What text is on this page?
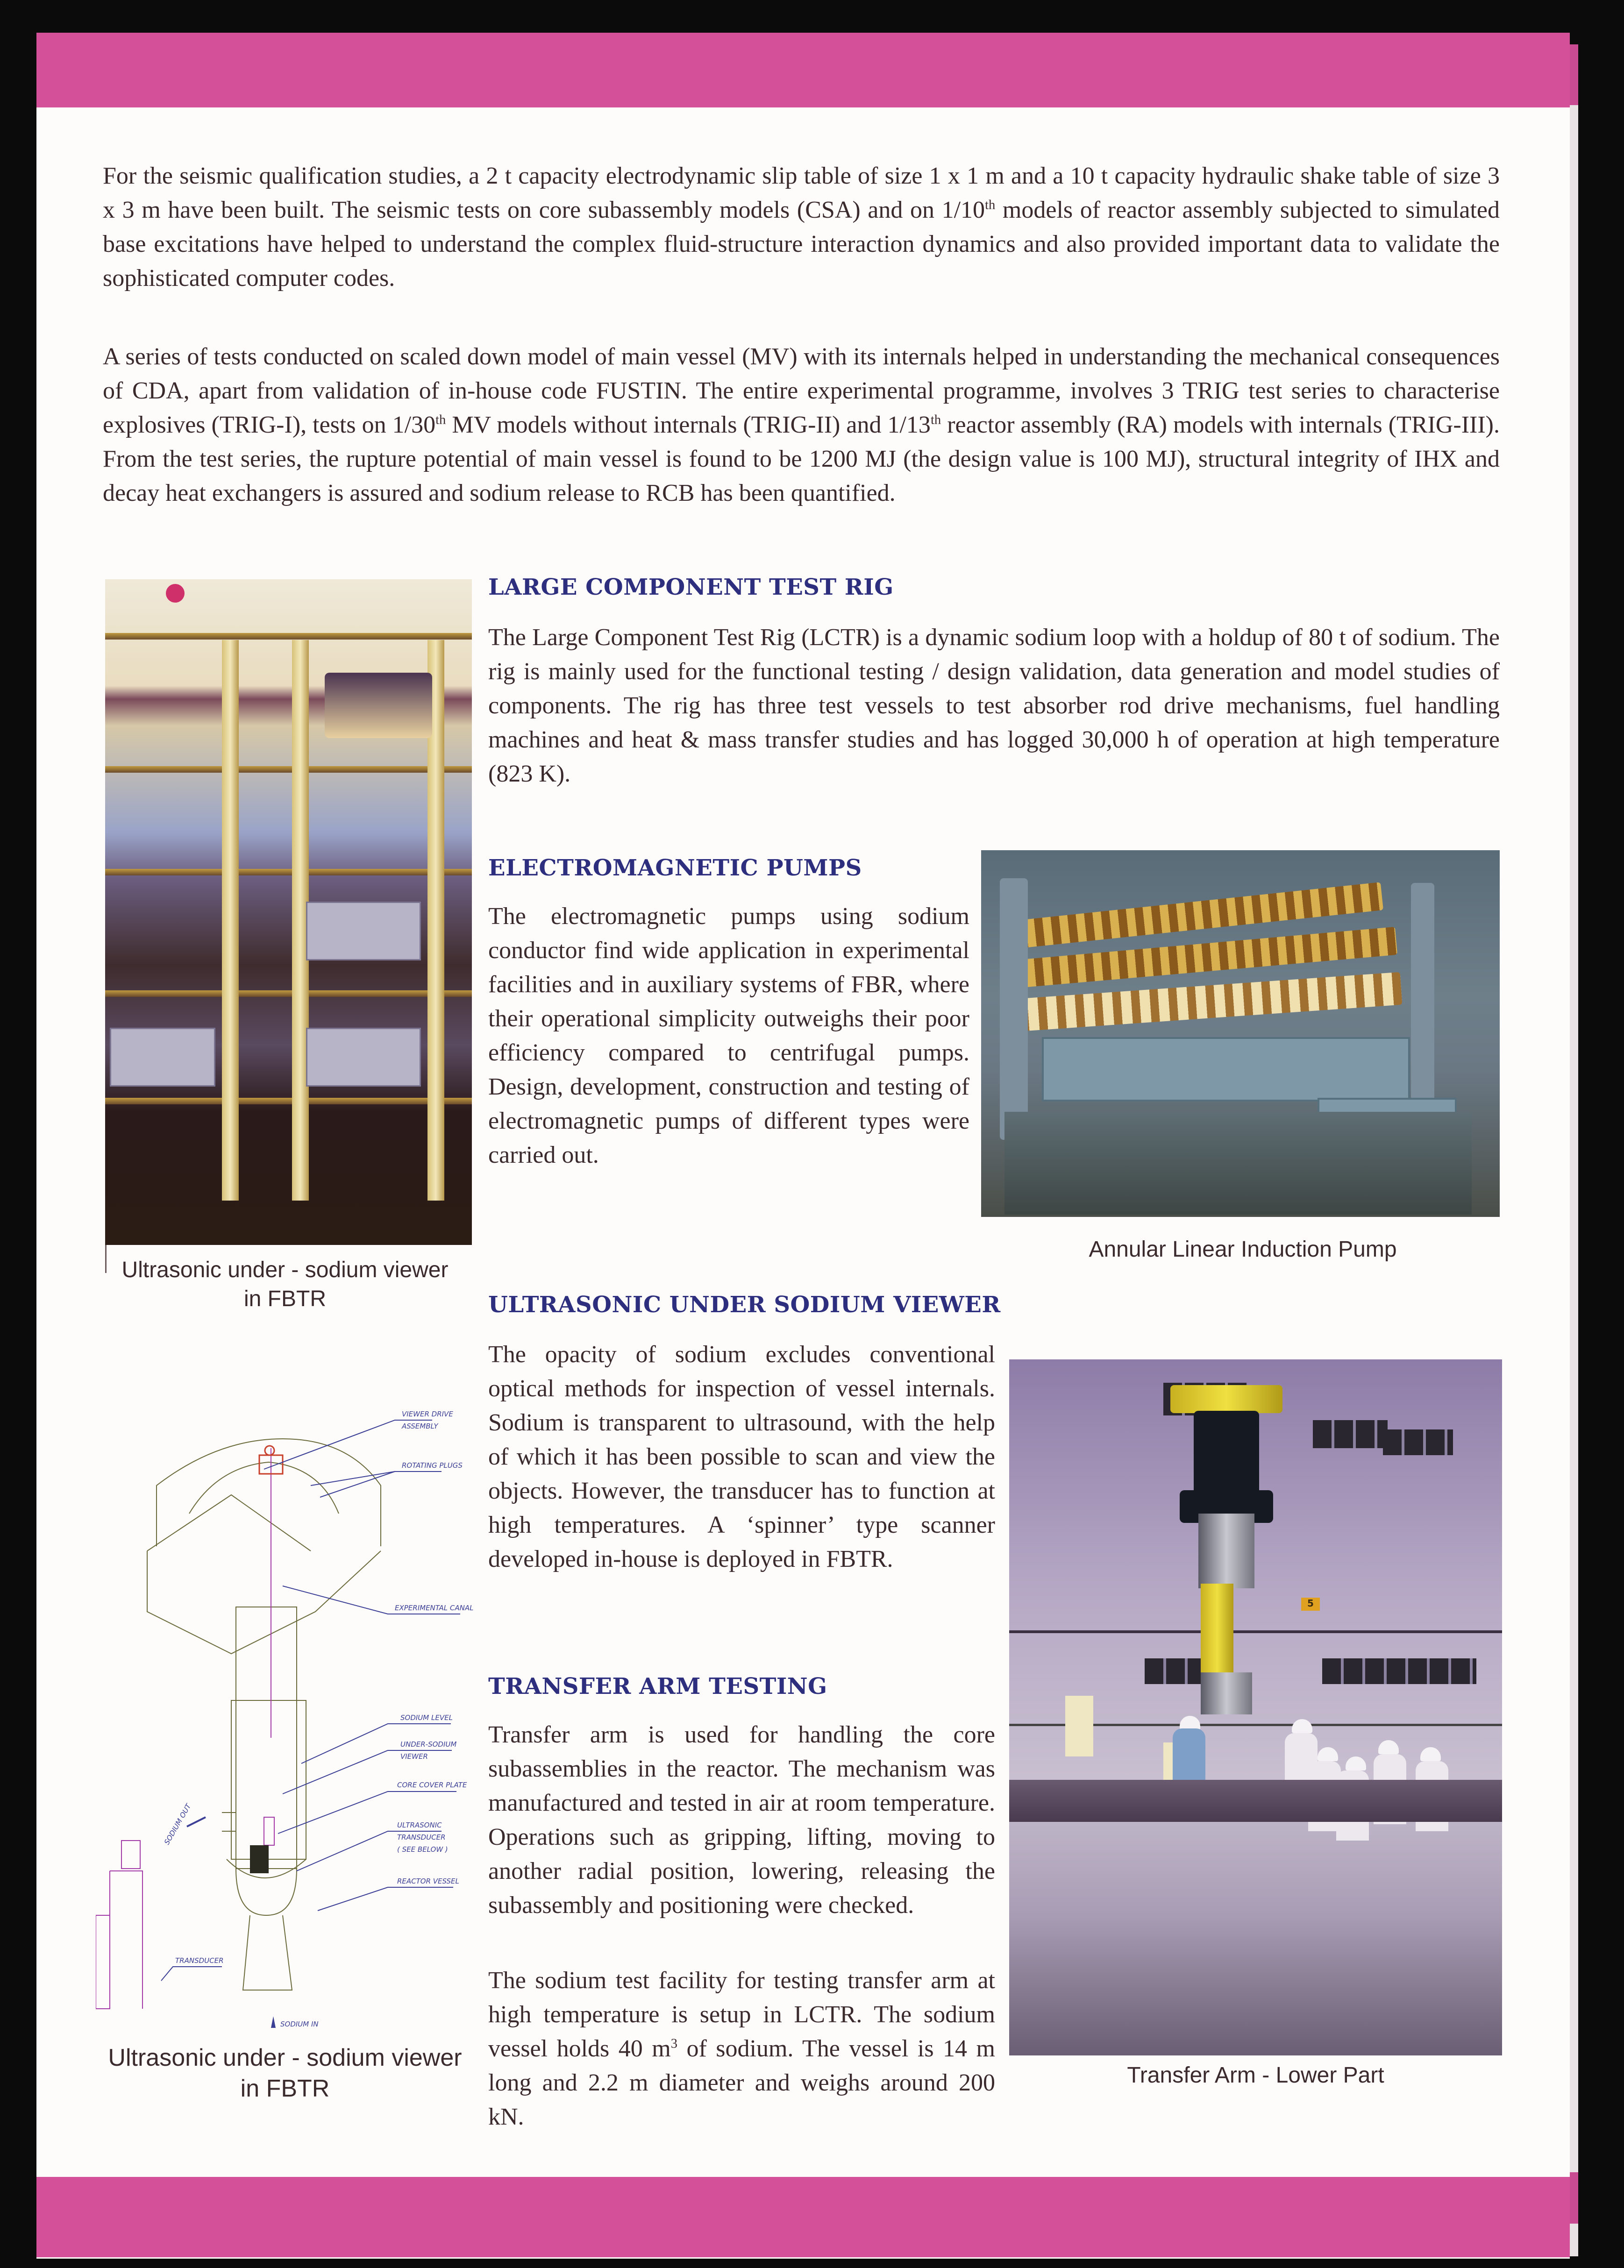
For the seismic qualification studies, a 2 t capacity electrodynamic slip table of size 1 x 1 m and a 10 t capacity hydraulic shake table of size 3 x 3 m have been built. The seismic tests on core subassembly models (CSA) and on 1/10th models of reactor assembly subjected to simulated base excitations have helped to understand the complex fluid-structure interaction dynamics and also provided important data to validate the sophisticated computer codes.
A series of tests conducted on scaled down model of main vessel (MV) with its internals helped in understanding the mechanical consequences of CDA, apart from validation of in-house code FUSTIN. The entire experimental programme, involves 3 TRIG test series to characterise explosives (TRIG-I), tests on 1/30th MV models without internals (TRIG-II) and 1/13th reactor assembly (RA) models with internals (TRIG-III). From the test series, the rupture potential of main vessel is found to be 1200 MJ (the design value is 100 MJ), structural integrity of IHX and decay heat exchangers is assured and sodium release to RCB has been quantified.
Ultrasonic under - sodium viewer in FBTR
LARGE COMPONENT TEST RIG
The Large Component Test Rig (LCTR) is a dynamic sodium loop with a holdup of 80 t of sodium. The rig is mainly used for the functional testing / design validation, data generation and model studies of components. The rig has three test vessels to test absorber rod drive mechanisms, fuel handling machines and heat & mass transfer studies and has logged 30,000 h of operation at high temperature (823 K).
ELECTROMAGNETIC PUMPS
The electromagnetic pumps using sodium conductor find wide application in experimental facilities and in auxiliary systems of FBR, where their operational simplicity outweighs their poor efficiency compared to centrifugal pumps. Design, development, construction and testing of electromagnetic pumps of different types were carried out.
Annular Linear Induction Pump
ULTRASONIC UNDER SODIUM VIEWER
The opacity of sodium excludes conventional optical methods for inspection of vessel internals. Sodium is transparent to ultrasound, with the help of which it has been possible to scan and view the objects. However, the transducer has to function at high temperatures. A ‘spinner’ type scanner developed in-house is deployed in FBTR.
TRANSFER ARM TESTING
Transfer arm is used for handling the core subassemblies in the reactor. The mechanism was manufactured and tested in air at room temperature. Operations such as gripping, lifting, moving to another radial position, lowering, releasing the subassembly and positioning were checked.
The sodium test facility for testing transfer arm at high temperature is setup in LCTR. The sodium vessel holds 40 $m^3$ of sodium. The vessel is 14 m long and 2.2 m diameter and weighs around 200 kN.
5
Transfer Arm - Lower Part
VIEWER DRIVE
ASSEMBLY
ROTATING PLUGS
EXPERIMENTAL CANAL
SODIUM LEVEL
UNDER-SODIUM
VIEWER
CORE COVER PLATE
ULTRASONIC
TRANSDUCER
( SEE BELOW )
REACTOR VESSEL
SODIUM OUT
TRANSDUCER
SODIUM IN
Ultrasonic under - sodium viewer in FBTR
